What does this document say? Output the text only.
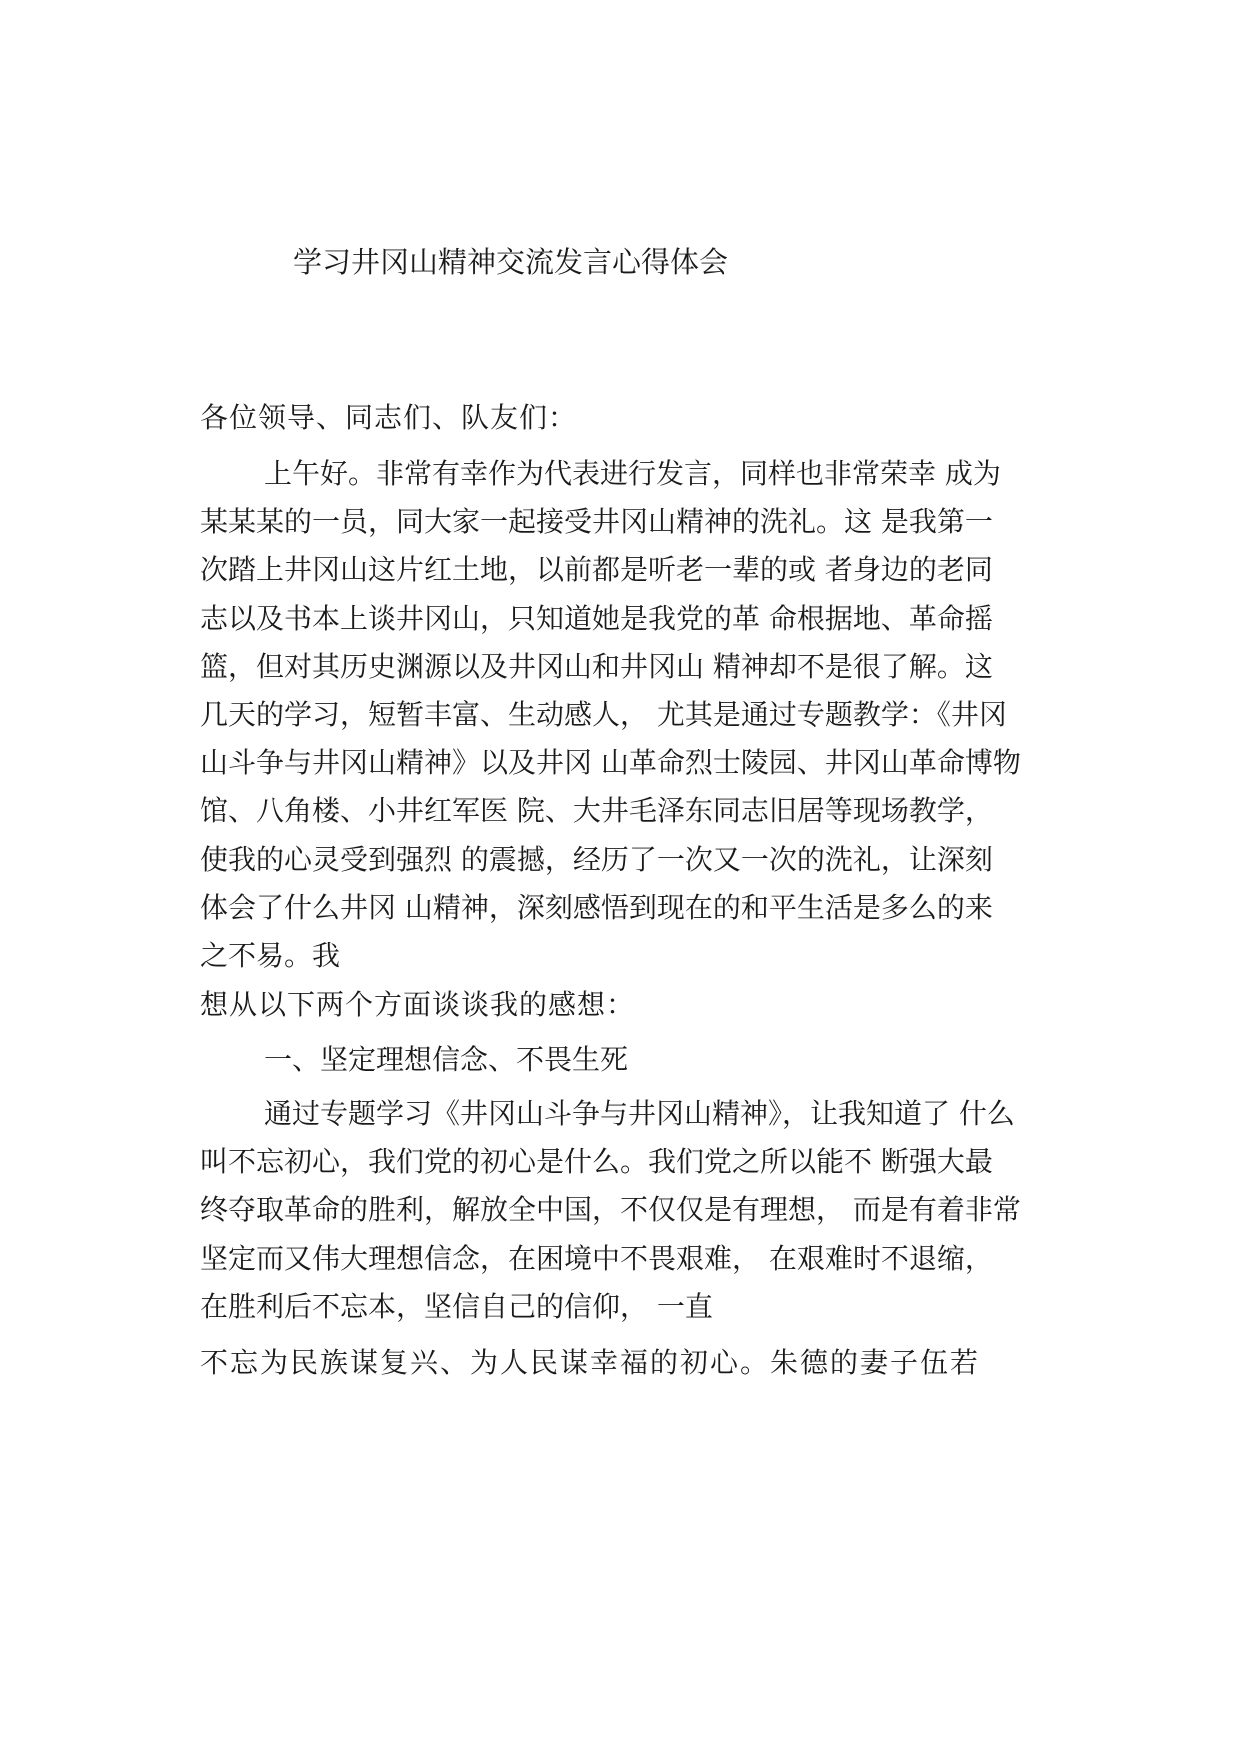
学习井冈山精神交流发言心得体会
各位领导、同志们、队友们：
上午好。非常有幸作为代表进行发言，同样也非常荣幸 成为
某某某的一员，同大家一起接受井冈山精神的洗礼。这 是我第一
次踏上井冈山这片红土地，以前都是听老一辈的或 者身边的老同
志以及书本上谈井冈山，只知道她是我党的革 命根据地、革命摇
篮，但对其历史渊源以及井冈山和井冈山 精神却不是很了解。这
几天的学习，短暂丰富、生动感人， 尤其是通过专题教学：《井冈
山斗争与井冈山精神》以及井冈 山革命烈士陵园、井冈山革命博物
馆、八角楼、小井红军医 院、大井毛泽东同志旧居等现场教学，
使我的心灵受到强烈 的震撼，经历了一次又一次的洗礼，让深刻
体会了什么井冈 山精神，深刻感悟到现在的和平生活是多么的来
之不易。我
想从以下两个方面谈谈我的感想：
一、坚定理想信念、不畏生死
通过专题学习《井冈山斗争与井冈山精神》，让我知道了 什么
叫不忘初心，我们党的初心是什么。我们党之所以能不 断强大最
终夺取革命的胜利，解放全中国，不仅仅是有理想， 而是有着非常
坚定而又伟大理想信念，在困境中不畏艰难， 在艰难时不退缩，
在胜利后不忘本，坚信自己的信仰， 一直
不忘为民族谋复兴、为人民谋幸福的初心。朱德的妻子伍若
